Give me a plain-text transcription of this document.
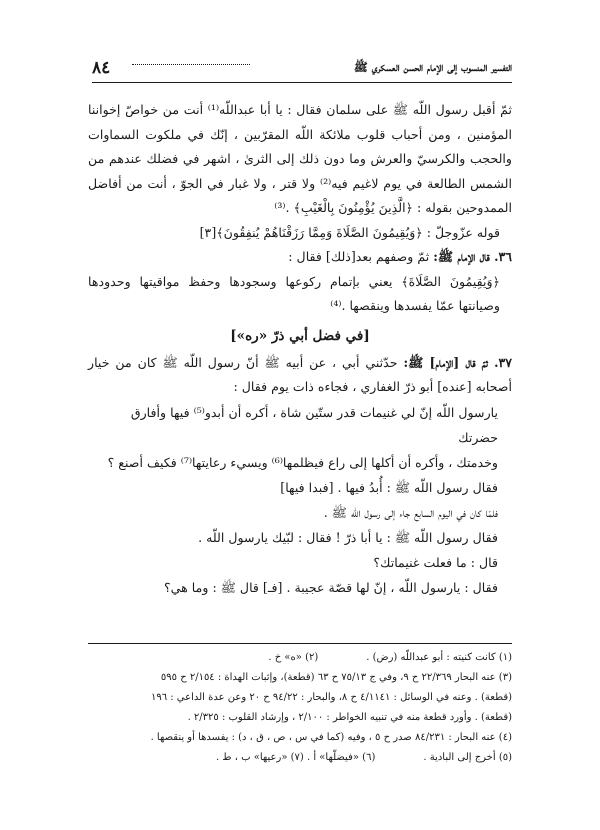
التفسير المنسوب إلى الإمام الحسن العسكري ﷺ
٨٤

ثمّ أقبل رسول اللّه ﷺ على سلمان فقال : يا أبا عبداللّه⁽¹⁾ أنت من خواصّ إخواننا المؤمنين ، ومن أحباب قلوب ملائكة اللّه المقرّبين ، إنّك في ملكوت السماوات والحجب والكرسيّ والعرش وما دون ذلك إلى الثرىٰ ، اشهر في فضلك عندهم من الشمس الطالعة في يوم لاغيم فيه⁽²⁾ ولا قتر ، ولا غبار في الجوّ ، أنت من أفاضل الممدوحين بقوله : ﴿الَّذِينَ يُؤْمِنُونَ بِالْغَيْبِ﴾ .⁽³⁾

قوله عزّوجلّ : ﴿وَيُقِيمُونَ الصَّلَاةَ وَمِمَّا رَزَقْنَاهُمْ يُنفِقُونَ﴾[٣]

٣٦. قال الإمام ﷺ: ثمّ وصفهم بعد[ذلك] فقال :

﴿وَيُقِيمُونَ الصَّلَاةَ﴾ يعني بإتمام ركوعها وسجودها وحفظ مواقيتها وحدودها وصيانتها عمّا يفسدها وينقصها .⁽⁴⁾

[في فضل أبي ذرّ «ره»]

٣٧. ثمّ قال [الإمام] ﷺ: حدّثني أبي ، عن أبيه ﷺ أنّ رسول اللّه ﷺ كان من خيار أصحابه [عنده] أبو ذرّ الغفاري ، فجاءه ذات يوم فقال :

يارسول اللّه إنّ لي غنيمات قدر ستّين شاة ، أكره أن أبدو⁽⁵⁾ فيها وأفارق حضرتك

وخدمتك ، وأكره أن أكلها إلى راع فيظلمها⁽⁶⁾ ويسيء رعايتها⁽⁷⁾ فكيف أصنع ؟

فقال رسول اللّه ﷺ : أُبدُ فيها . [فبدا فيها]

فلمّا كان في اليوم السابع جاء إلى رسول اللّه ﷺ .

فقال رسول اللّه ﷺ : يا أبا ذرّ ! فقال : لبّيك يارسول اللّه .

قال : ما فعلت غنيماتك؟

فقال : يارسول اللّه ، إنّ لها قصّة عجيبة . [فـ] قال ﷺ : وما هي؟

(١) كانت كنيته : أبو عبداللّه (رض) .(٢) «ه» خ .

(٣) عنه البحار ٢٢/٣٦٩ ح ٩، وفي ج ٧٥/١٣ ح ٦٣ (قطعة)، وإثبات الهداة : ٢/١٥٤ ح ٥٩٥

(قطعة) . وعنه في الوسائل : ٤/١١٤١ ح ٨، والبحار : ٩٤/٢٢ ح ٢٠ وعن عدة الداعي : ١٩٦

(قطعة) . وأورد قطعة منه في تنبيه الخواطر : ٢/١٠٠ ، وإرشاد القلوب : ٢/٣٢٥ .

(٤) عنه البحار : ٨٤/٢٣١ صدر ح ٥ ، وفيه (كما في س ، ص ، ق ، د) : يفسدها أو ينقصها .

(٥) أخرج إلى البادية .(٦) «فيضلّها» أ . (٧) «رعيها» ب ، ط .
